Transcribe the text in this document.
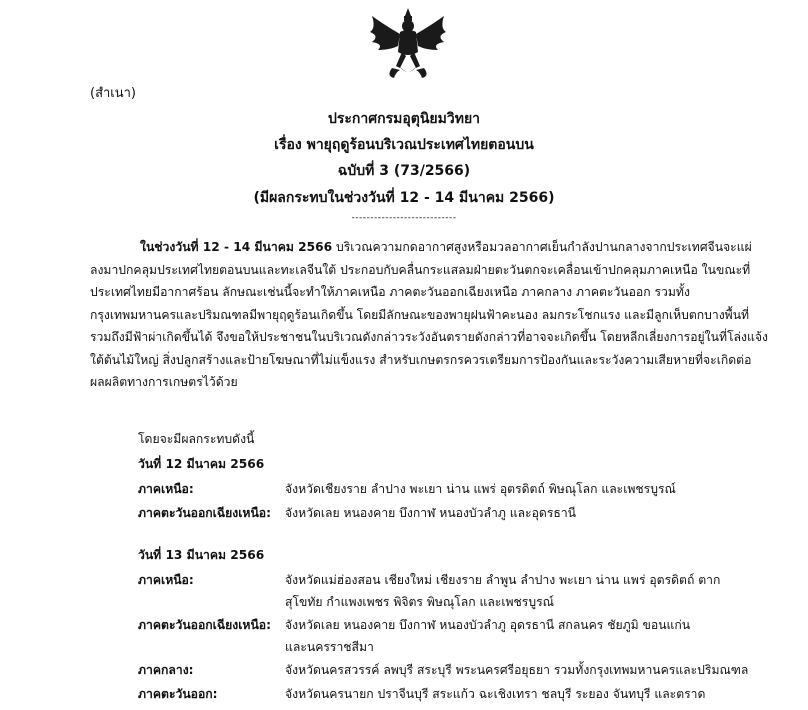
(สำเนา)
ประกาศกรมอุตุนิยมวิทยา
เรื่อง พายุฤดูร้อนบริเวณประเทศไทยตอนบน
ฉบับที่ 3 (73/2566)
(มีผลกระทบในช่วงวันที่ 12 - 14 มีนาคม 2566)
----------------------------
ในช่วงวันที่ 12 - 14 มีนาคม 2566 บริเวณความกดอากาศสูงหรือมวลอากาศเย็นกำลังปานกลางจากประเทศจีนจะแผ่
ลงมาปกคลุมประเทศไทยตอนบนและทะเลจีนใต้ ประกอบกับคลื่นกระแสลมฝ่ายตะวันตกจะเคลื่อนเข้าปกคลุมภาคเหนือ ในขณะที่
ประเทศไทยมีอากาศร้อน ลักษณะเช่นนี้จะทำให้ภาคเหนือ ภาคตะวันออกเฉียงเหนือ ภาคกลาง ภาคตะวันออก รวมทั้ง
กรุงเทพมหานครและปริมณฑลมีพายุฤดูร้อนเกิดขึ้น โดยมีลักษณะของพายุฝนฟ้าคะนอง ลมกระโชกแรง และมีลูกเห็บตกบางพื้นที่
รวมถึงมีฟ้าผ่าเกิดขึ้นได้ จึงขอให้ประชาชนในบริเวณดังกล่าวระวังอันตรายดังกล่าวที่อาจจะเกิดขึ้น โดยหลีกเลี่ยงการอยู่ในที่โล่งแจ้ง
ใต้ต้นไม้ใหญ่ สิ่งปลูกสร้างและป้ายโฆษณาที่ไม่แข็งแรง สำหรับเกษตรกรควรเตรียมการป้องกันและระวังความเสียหายที่จะเกิดต่อ
ผลผลิตทางการเกษตรไว้ด้วย
โดยจะมีผลกระทบดังนี้
วันที่ 12 มีนาคม 2566
ภาคเหนือ:	จังหวัดเชียงราย ลำปาง พะเยา น่าน แพร่ อุตรดิตถ์ พิษณุโลก และเพชรบูรณ์
ภาคตะวันออกเฉียงเหนือ: จังหวัดเลย หนองคาย บึงกาฬ หนองบัวลำภู และอุดรธานี
วันที่ 13 มีนาคม 2566
ภาคเหนือ:	จังหวัดแม่ฮ่องสอน เชียงใหม่ เชียงราย ลำพูน ลำปาง พะเยา น่าน แพร่ อุตรดิตถ์ ตาก
สุโขทัย กำแพงเพชร พิจิตร พิษณุโลก และเพชรบูรณ์
ภาคตะวันออกเฉียงเหนือ: จังหวัดเลย หนองคาย บึงกาฬ หนองบัวลำภู อุดรธานี สกลนคร ชัยภูมิ ขอนแก่น
และนครราชสีมา
ภาคกลาง:	จังหวัดนครสวรรค์ ลพบุรี สระบุรี พระนครศรีอยุธยา รวมทั้งกรุงเทพมหานครและปริมณฑล
ภาคตะวันออก:	จังหวัดนครนายก ปราจีนบุรี สระแก้ว ฉะเชิงเทรา ชลบุรี ระยอง จันทบุรี และตราด
